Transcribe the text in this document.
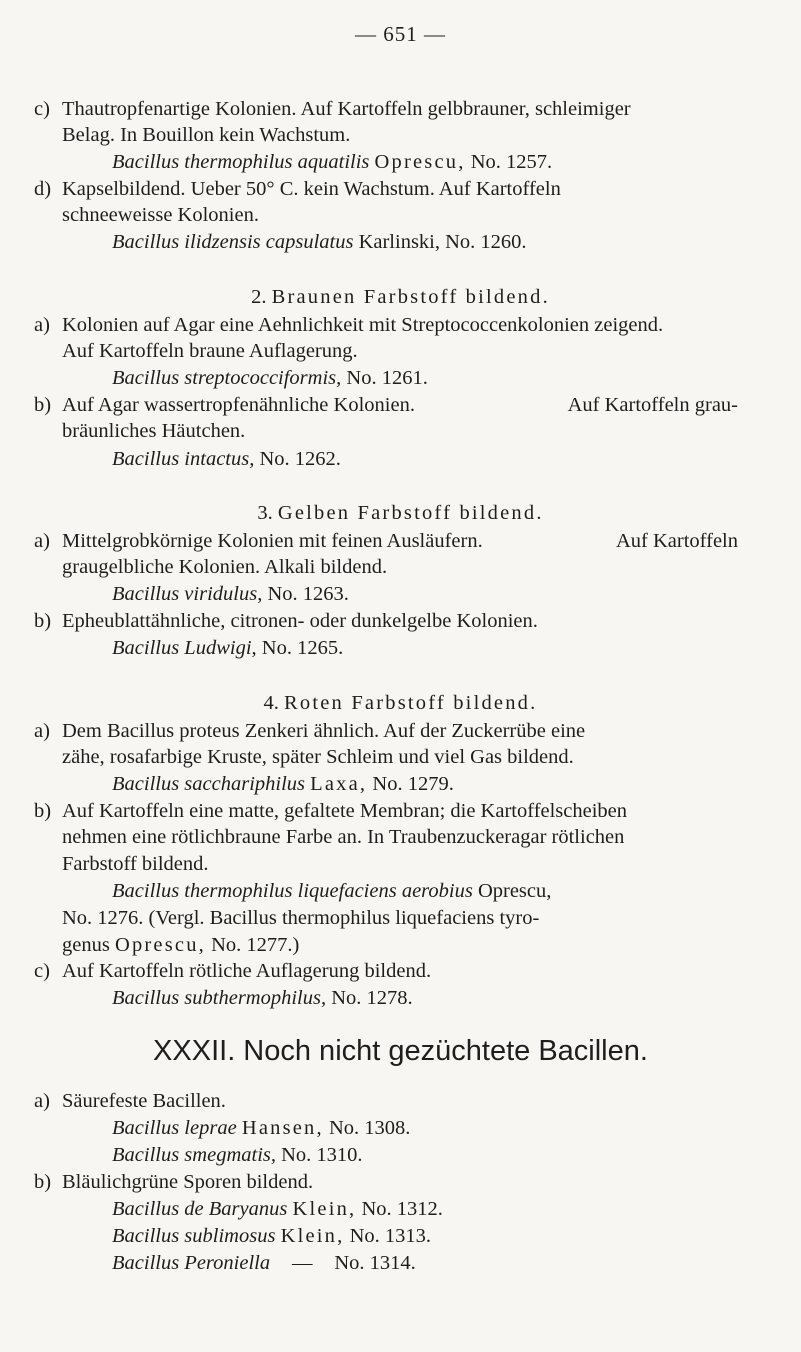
— 651 —
c) Thautropfenartige Kolonien. Auf Kartoffeln gelbbrauner, schleimiger
Belag. In Bouillon kein Wachstum.
Bacillus thermophilus aquatilis Oprescu, No. 1257.
d) Kapselbildend. Ueber 50° C. kein Wachstum. Auf Kartoffeln
schneeweisse Kolonien.
Bacillus ilidzensis capsulatus Karlinski, No. 1260.
2. Braunen Farbstoff bildend.
a) Kolonien auf Agar eine Aehnlichkeit mit Streptococcenkolonien zeigend.
Auf Kartoffeln braune Auflagerung.
Bacillus streptococciformis, No. 1261.
b) Auf Agar wassertropfenähnliche Kolonien.	Auf Kartoffeln grau-
bräunliches Häutchen.
Bacillus intactus, No. 1262.
3. Gelben Farbstoff bildend.
a) Mittelgrobkörnige Kolonien mit feinen Ausläufern.	Auf Kartoffeln
graugelbliche Kolonien. Alkali bildend.
Bacillus viridulus, No. 1263.
b) Epheublattähnliche, citronen- oder dunkelgelbe Kolonien.
Bacillus Ludwigi, No. 1265.
4. Roten Farbstoff bildend.
a) Dem Bacillus proteus Zenkeri ähnlich. Auf der Zuckerrübe eine
zähe, rosafarbige Kruste, später Schleim und viel Gas bildend.
Bacillus sacchariphilus Laxa, No. 1279.
b) Auf Kartoffeln eine matte, gefaltete Membran; die Kartoffelscheiben
nehmen eine rötlichbraune Farbe an. In Traubenzuckeragar rötlichen
Farbstoff bildend.
Bacillus thermophilus liquefaciens aerobius Oprescu,
No. 1276. (Vergl. Bacillus thermophilus liquefaciens tyro-
genus Oprescu, No. 1277.)
c) Auf Kartoffeln rötliche Auflagerung bildend.
Bacillus subthermophilus, No. 1278.
XXXII. Noch nicht gezüchtete Bacillen.
a) Säurefeste Bacillen.
Bacillus leprae Hansen, No. 1308.
Bacillus smegmatis, No. 1310.
b) Bläulichgrüne Sporen bildend.
Bacillus de Baryanus Klein, No. 1312.
Bacillus sublimosus Klein, No. 1313.
Bacillus Peroniella — No. 1314.
